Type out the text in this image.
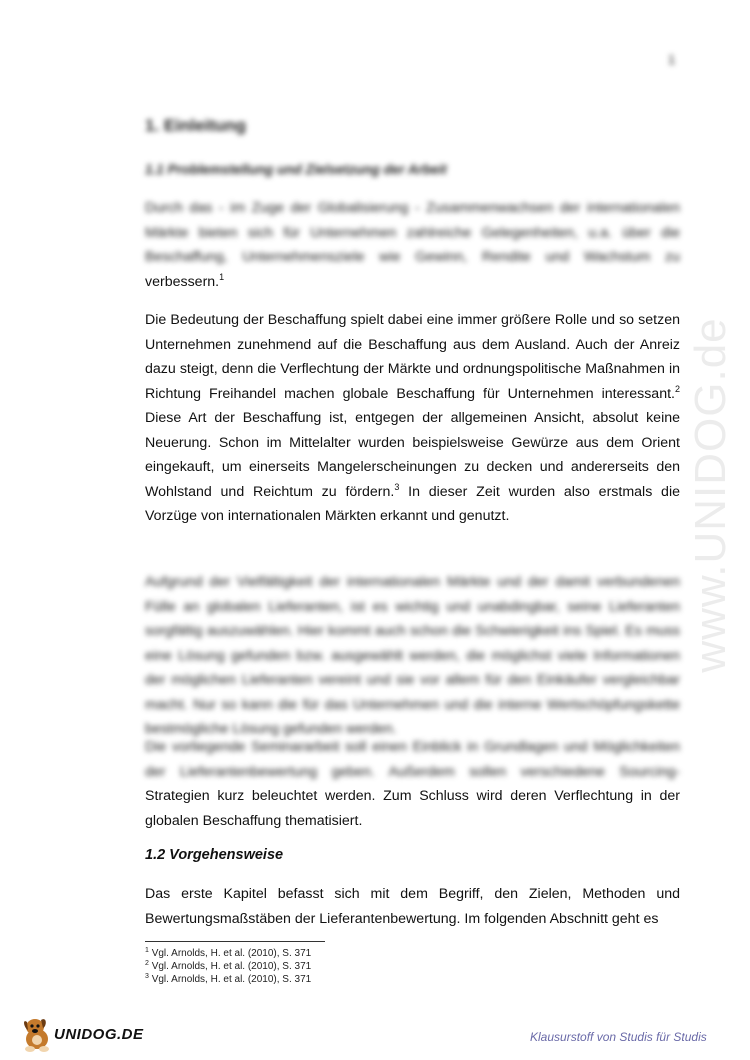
1
1. Einleitung
1.1 Problemstellung und Zielsetzung der Arbeit
Durch das - im Zuge der Globalisierung - Zusammenwachsen der internationalen Märkte bieten sich für Unternehmen zahlreiche Gelegenheiten, u.a. über die Beschaffung, Unternehmensziele wie Gewinn, Rendite und Wachstum zu verbessern.$^1$
Die Bedeutung der Beschaffung spielt dabei eine immer größere Rolle und so setzen Unternehmen zunehmend auf die Beschaffung aus dem Ausland. Auch der Anreiz dazu steigt, denn die Verflechtung der Märkte und ordnungspolitische Maßnahmen in Richtung Freihandel machen globale Beschaffung für Unternehmen interessant.$^2$ Diese Art der Beschaffung ist, entgegen der allgemeinen Ansicht, absolut keine Neuerung. Schon im Mittelalter wurden beispielsweise Gewürze aus dem Orient eingekauft, um einerseits Mangelerscheinungen zu decken und andererseits den Wohlstand und Reichtum zu fördern.$^3$ In dieser Zeit wurden also erstmals die Vorzüge von internationalen Märkten erkannt und genutzt.
Aufgrund der Vielfältigkeit der internationalen Märkte und der damit verbundenen Fülle an globalen Lieferanten, ist es wichtig und unabdingbar, seine Lieferanten sorgfältig auszuwählen. Hier kommt auch schon die Schwierigkeit ins Spiel. Es muss eine Lösung gefunden bzw. ausgewählt werden, die möglichst viele Informationen der möglichen Lieferanten vereint und sie vor allem für den Einkäufer vergleichbar macht. Nur so kann die für das Unternehmen und die interne Wertschöpfungskette bestmögliche Lösung gefunden werden.
Die vorliegende Seminararbeit soll einen Einblick in Grundlagen und Möglichkeiten der Lieferantenbewertung geben. Außerdem sollen verschiedene Sourcing- Strategien kurz beleuchtet werden. Zum Schluss wird deren Verflechtung in der globalen Beschaffung thematisiert.
1.2 Vorgehensweise
Das erste Kapitel befasst sich mit dem Begriff, den Zielen, Methoden und Bewertungsmaßstäben der Lieferantenbewertung. Im folgenden Abschnitt geht es
$^1$ Vgl. Arnolds, H. et al. (2010), S. 371
$^2$ Vgl. Arnolds, H. et al. (2010), S. 371
$^3$ Vgl. Arnolds, H. et al. (2010), S. 371
www.UNIDOG.de
UNIDOG.DE	Klausurstoff von Studis für Studis
